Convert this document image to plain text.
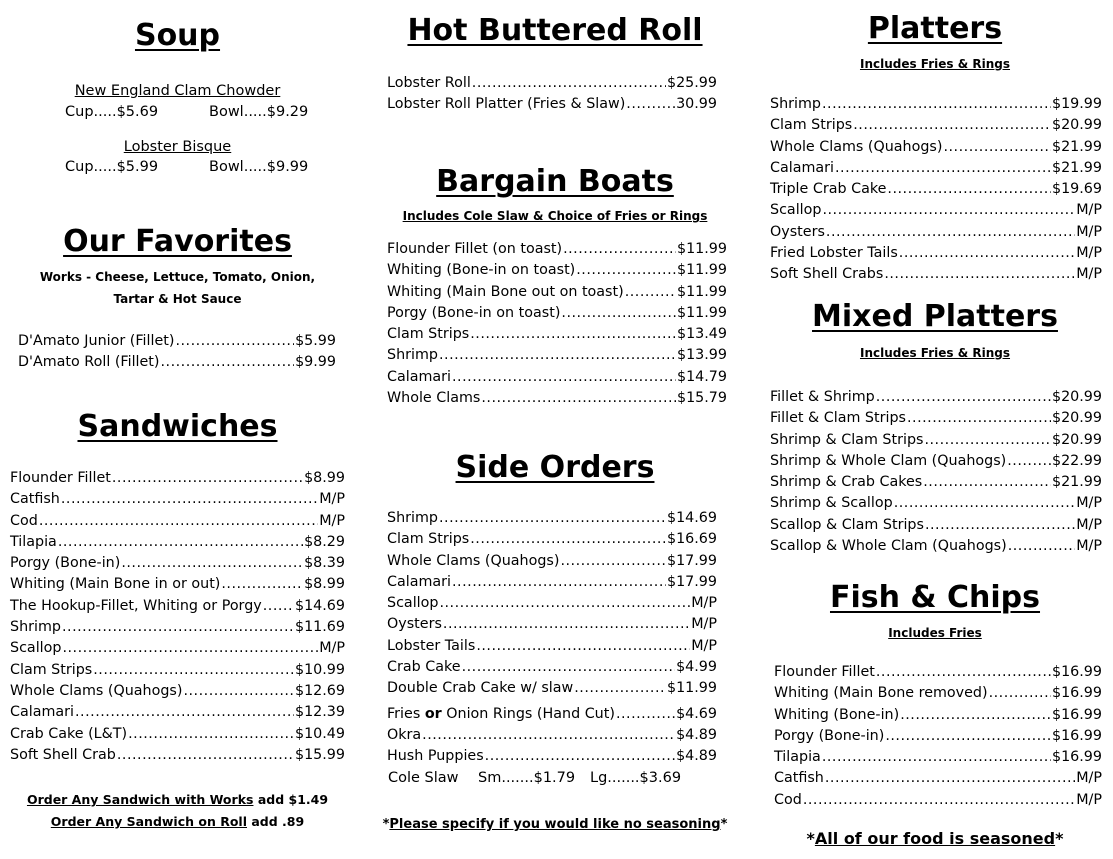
Soup
New England Clam Chowder
Cup.....$5.69	Bowl.....$9.29
Lobster Bisque
Cup.....$5.99	Bowl.....$9.99
Our Favorites
Works - Cheese, Lettuce, Tomato, Onion,
Tartar & Hot Sauce
D'Amato Junior (Fillet) .....	$5.99
D'Amato Roll (Fillet) .....	$9.99
Sandwiches
Flounder Fillet .....	$8.99
Catfish .....	M/P
Cod .....	M/P
Tilapia .....	$8.29
Porgy (Bone-in) .....	$8.39
Whiting (Main Bone in or out) .....	$8.99
The Hookup-Fillet, Whiting or Porgy ..... $14.69
Shrimp .....	$11.69
Scallop .....	M/P
Clam Strips .....	$10.99
Whole Clams (Quahogs) .....	$12.69
Calamari .....	$12.39
Crab Cake (L&T) .....	$10.49
Soft Shell Crab .....	$15.99
Order Any Sandwich with Works add $1.49
Order Any Sandwich on Roll add .89
Hot Buttered Roll
Lobster Roll .....	$25.99
Lobster Roll Platter (Fries & Slaw) .....	30.99
Bargain Boats
Includes Cole Slaw & Choice of Fries or Rings
Flounder Fillet (on toast) .....	$11.99
Whiting (Bone-in on toast) .....	$11.99
Whiting (Main Bone out on toast) .....	$11.99
Porgy (Bone-in on toast) .....	$11.99
Clam Strips .....	$13.49
Shrimp .....	$13.99
Calamari .....	$14.79
Whole Clams .....	$15.79
Side Orders
Shrimp .....	$14.69
Clam Strips .....	$16.69
Whole Clams (Quahogs) .....	$17.99
Calamari .....	$17.99
Scallop .....	M/P
Oysters .....	M/P
Lobster Tails .....	M/P
Crab Cake .....	$4.99
Double Crab Cake w/ slaw .....	$11.99
Fries or Onion Rings (Hand Cut) .....	$4.69
Okra .....	$4.89
Hush Puppies .....	$4.89
Cole Slaw Sm.......$1.79 Lg.......$3.69
*Please specify if you would like no seasoning*
Platters
Includes Fries & Rings
Shrimp .....	$19.99
Clam Strips .....	$20.99
Whole Clams (Quahogs) .....	$21.99
Calamari .....	$21.99
Triple Crab Cake .....	$19.69
Scallop .....	M/P
Oysters .....	M/P
Fried Lobster Tails .....	M/P
Soft Shell Crabs .....	M/P
Mixed Platters
Includes Fries & Rings
Fillet & Shrimp .....	$20.99
Fillet & Clam Strips .....	$20.99
Shrimp & Clam Strips .....	$20.99
Shrimp & Whole Clam (Quahogs) .....	$22.99
Shrimp & Crab Cakes .....	$21.99
Shrimp & Scallop .....	M/P
Scallop & Clam Strips .....	M/P
Scallop & Whole Clam (Quahogs) .....	M/P
Fish & Chips
Includes Fries
Flounder Fillet .....	$16.99
Whiting (Main Bone removed) .....	$16.99
Whiting (Bone-in) .....	$16.99
Porgy (Bone-in) .....	$16.99
Tilapia .....	$16.99
Catfish .....	M/P
Cod .....	M/P
*All of our food is seasoned*
